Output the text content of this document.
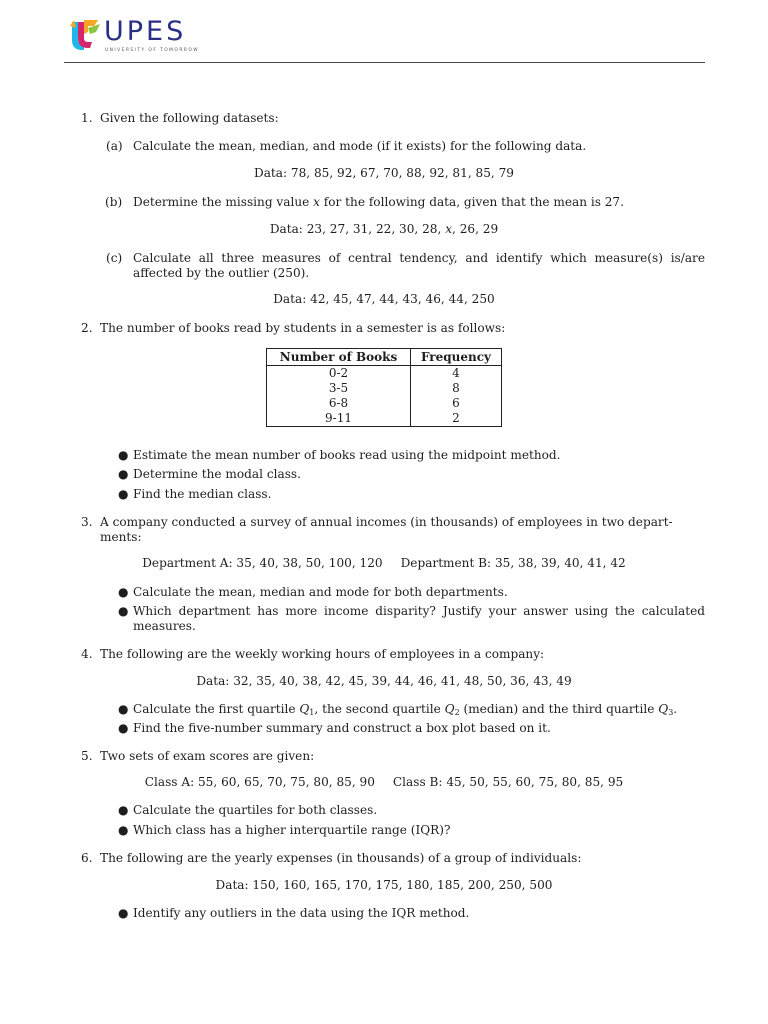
UPES
UNIVERSITY OF TOMORROW
1. Given the following datasets:
(a) Calculate the mean, median, and mode (if it exists) for the following data.
Data: 78, 85, 92, 67, 70, 88, 92, 81, 85, 79
(b) Determine the missing value x for the following data, given that the mean is 27.
Data: 23, 27, 31, 22, 30, 28, x, 26, 29
(c) Calculate all three measures of central tendency, and identify which measure(s) is/are
affected by the outlier (250).
Data: 42, 45, 47, 44, 43, 46, 44, 250
2. The number of books read by students in a semester is as follows:
Number of Books	Frequency
0-2	4
3-5	8
6-8	6
9-11	2
● Estimate the mean number of books read using the midpoint method.
● Determine the modal class.
● Find the median class.
3. A company conducted a survey of annual incomes (in thousands) of employees in two depart-
ments:
Department A: 35, 40, 38, 50, 100, 120 Department B: 35, 38, 39, 40, 41, 42
● Calculate the mean, median and mode for both departments.
● Which department has more income disparity? Justify your answer using the calculated
measures.
4. The following are the weekly working hours of employees in a company:
Data: 32, 35, 40, 38, 42, 45, 39, 44, 46, 41, 48, 50, 36, 43, 49
● Calculate the first quartile $Q_1$, the second quartile $Q_2$ (median) and the third quartile $Q_3$.
● Find the five-number summary and construct a box plot based on it.
5. Two sets of exam scores are given:
Class A: 55, 60, 65, 70, 75, 80, 85, 90 Class B: 45, 50, 55, 60, 75, 80, 85, 95
● Calculate the quartiles for both classes.
● Which class has a higher interquartile range (IQR)?
6. The following are the yearly expenses (in thousands) of a group of individuals:
Data: 150, 160, 165, 170, 175, 180, 185, 200, 250, 500
● Identify any outliers in the data using the IQR method.
